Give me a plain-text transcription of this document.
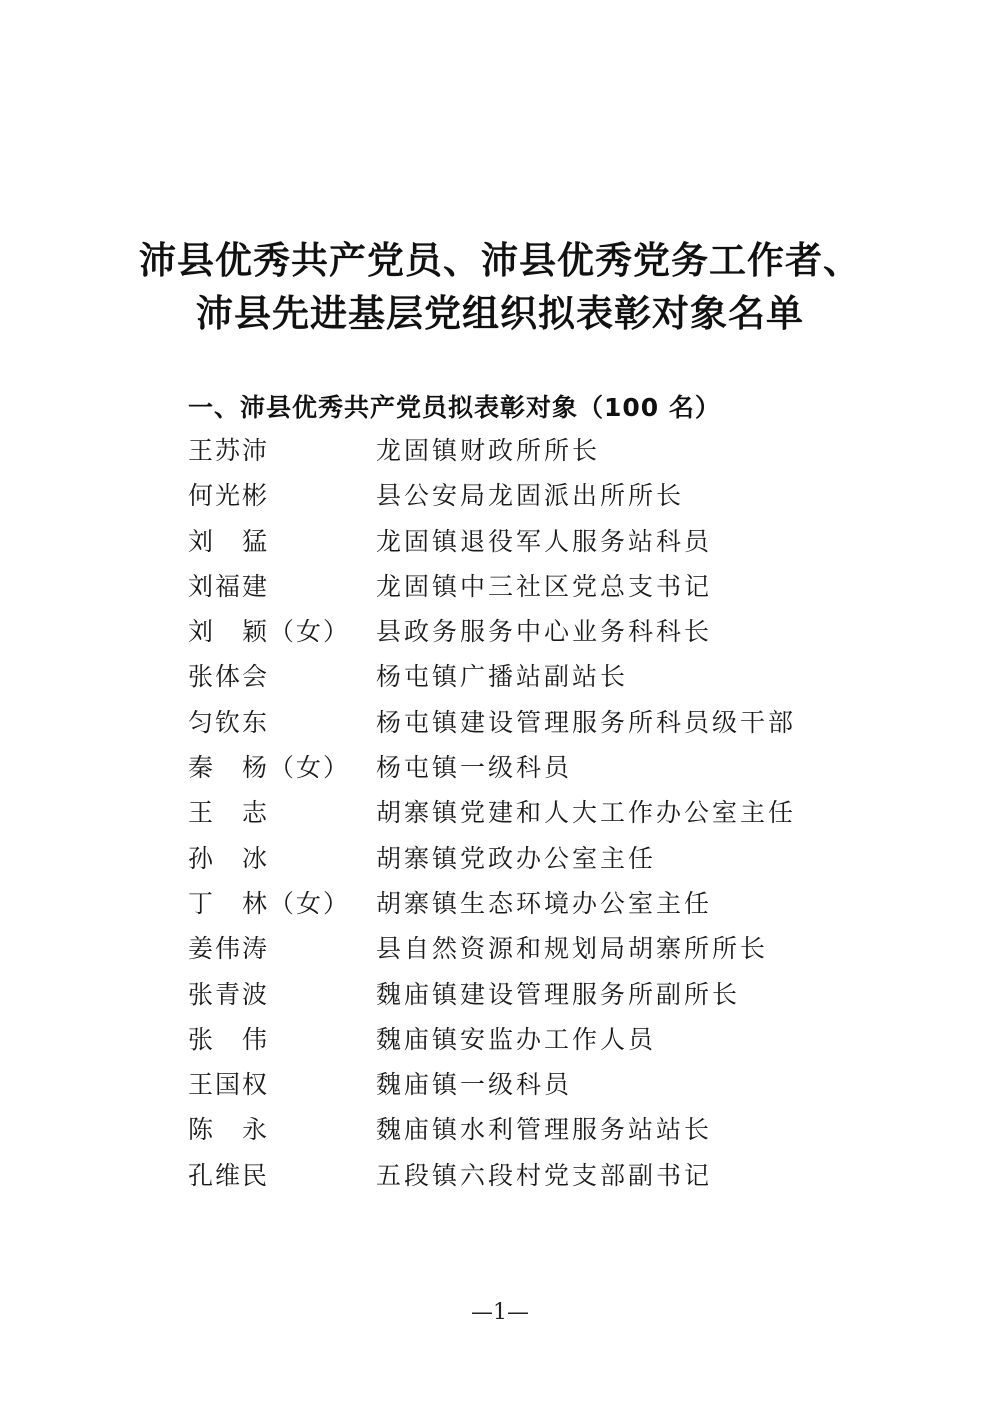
沛县优秀共产党员、沛县优秀党务工作者、
沛县先进基层党组织拟表彰对象名单
一、沛县优秀共产党员拟表彰对象（100 名）
王苏沛	龙固镇财政所所长
何光彬	县公安局龙固派出所所长
刘　猛	龙固镇退役军人服务站科员
刘福建	龙固镇中三社区党总支书记
刘　颖（女） 县政务服务中心业务科科长
张体会	杨屯镇广播站副站长
匀钦东	杨屯镇建设管理服务所科员级干部
秦　杨（女） 杨屯镇一级科员
王　志	胡寨镇党建和人大工作办公室主任
孙　冰	胡寨镇党政办公室主任
丁　林（女） 胡寨镇生态环境办公室主任
姜伟涛	县自然资源和规划局胡寨所所长
张青波	魏庙镇建设管理服务所副所长
张　伟	魏庙镇安监办工作人员
王国权	魏庙镇一级科员
陈　永	魏庙镇水利管理服务站站长
孔维民	五段镇六段村党支部副书记
—1—
